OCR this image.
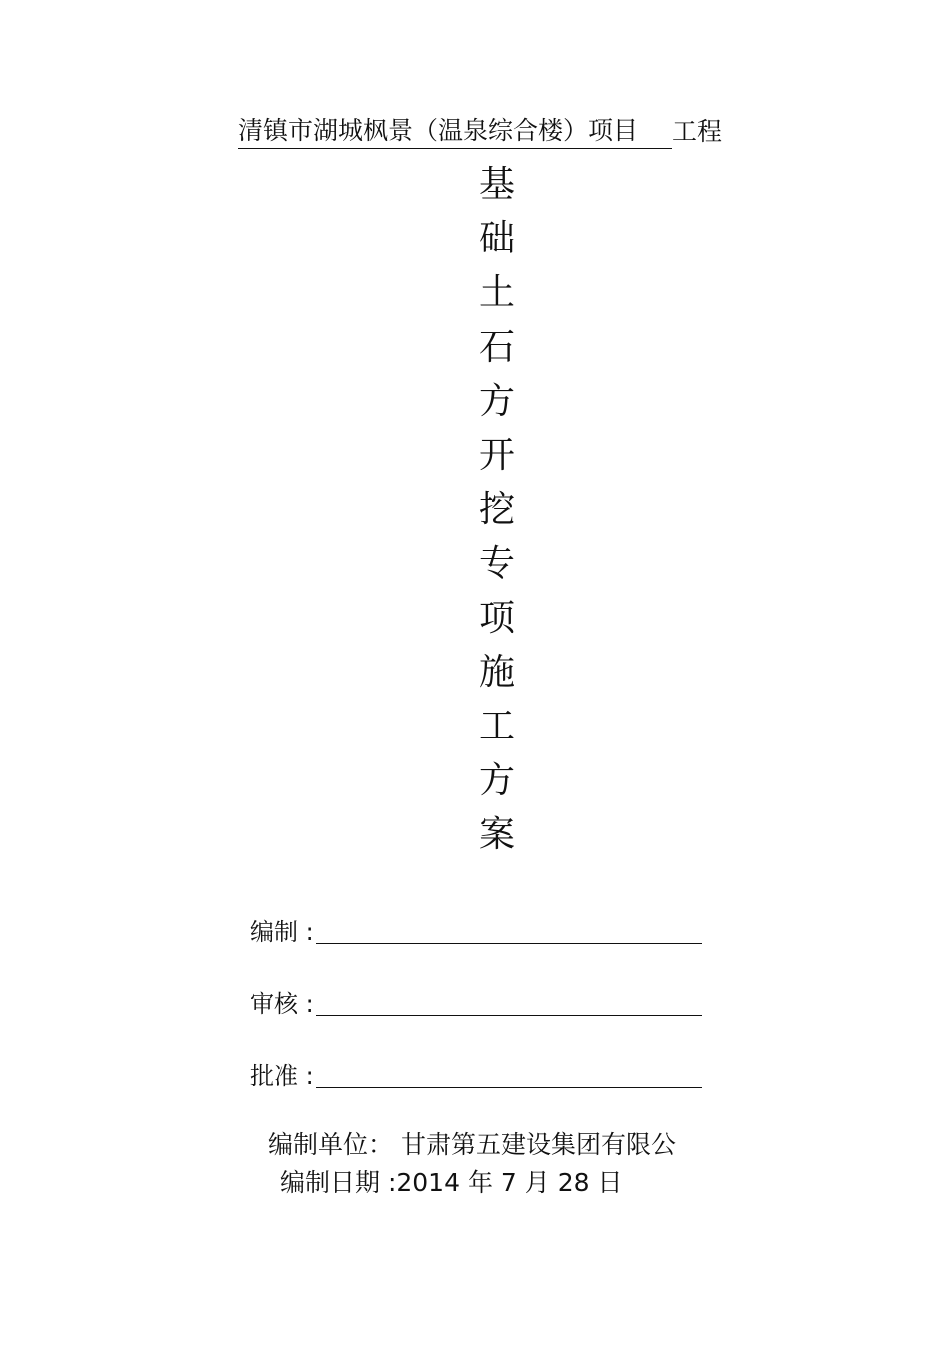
清镇市湖城枫景（温泉综合楼）项目	工程
基
础
土
石
方
开
挖
专
项
施
工
方
案
编制 :
审核 :
批准 :
编制单位： 甘肃第五建设集团有限公
编制日期 :2014 年 7 月 28 日
